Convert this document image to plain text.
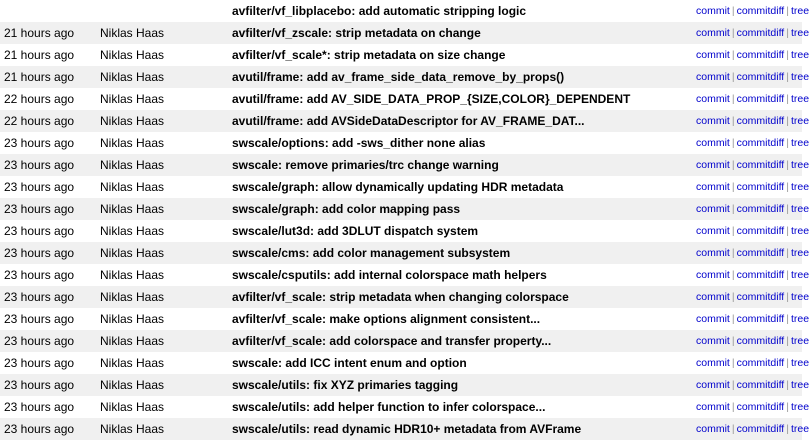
		avfilter/vf_libplacebo: add automatic stripping logic	commit | commitdiff | tree
21 hours ago	Niklas Haas	avfilter/vf_zscale: strip metadata on change	commit | commitdiff | tree
21 hours ago	Niklas Haas	avfilter/vf_scale*: strip metadata on size change	commit | commitdiff | tree
21 hours ago	Niklas Haas	avutil/frame: add av_frame_side_data_remove_by_props()	commit | commitdiff | tree
22 hours ago	Niklas Haas	avutil/frame: add AV_SIDE_DATA_PROP_{SIZE,COLOR}_DEPENDENT	commit | commitdiff | tree
22 hours ago	Niklas Haas	avutil/frame: add AVSideDataDescriptor for AV_FRAME_DAT...	commit | commitdiff | tree
23 hours ago	Niklas Haas	swscale/options: add -sws_dither none alias	commit | commitdiff | tree
23 hours ago	Niklas Haas	swscale: remove primaries/trc change warning	commit | commitdiff | tree
23 hours ago	Niklas Haas	swscale/graph: allow dynamically updating HDR metadata	commit | commitdiff | tree
23 hours ago	Niklas Haas	swscale/graph: add color mapping pass	commit | commitdiff | tree
23 hours ago	Niklas Haas	swscale/lut3d: add 3DLUT dispatch system	commit | commitdiff | tree
23 hours ago	Niklas Haas	swscale/cms: add color management subsystem	commit | commitdiff | tree
23 hours ago	Niklas Haas	swscale/csputils: add internal colorspace math helpers	commit | commitdiff | tree
23 hours ago	Niklas Haas	avfilter/vf_scale: strip metadata when changing colorspace	commit | commitdiff | tree
23 hours ago	Niklas Haas	avfilter/vf_scale: make options alignment consistent...	commit | commitdiff | tree
23 hours ago	Niklas Haas	avfilter/vf_scale: add colorspace and transfer property...	commit | commitdiff | tree
23 hours ago	Niklas Haas	swscale: add ICC intent enum and option	commit | commitdiff | tree
23 hours ago	Niklas Haas	swscale/utils: fix XYZ primaries tagging	commit | commitdiff | tree
23 hours ago	Niklas Haas	swscale/utils: add helper function to infer colorspace...	commit | commitdiff | tree
23 hours ago	Niklas Haas	swscale/utils: read dynamic HDR10+ metadata from AVFrame	commit | commitdiff | tree
